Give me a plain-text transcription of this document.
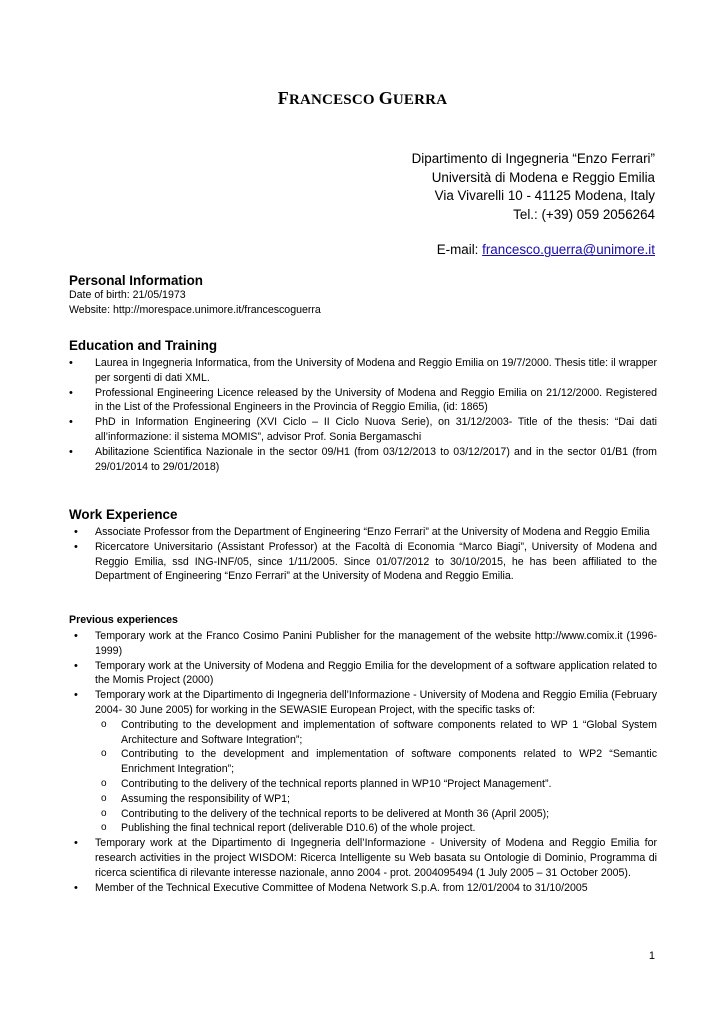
FRANCESCO GUERRA
Dipartimento di Ingegneria “Enzo Ferrari”
Università di Modena e Reggio Emilia
Via Vivarelli 10 - 41125 Modena, Italy
Tel.: (+39) 059 2056264
E-mail: francesco.guerra@unimore.it
Personal Information
Date of birth: 21/05/1973
Website: http://morespace.unimore.it/francescoguerra
Education and Training
• Laurea in Ingegneria Informatica, from the University of Modena and Reggio Emilia on 19/7/2000. Thesis title: il wrapper per sorgenti di dati XML.
• Professional Engineering Licence released by the University of Modena and Reggio Emilia on 21/12/2000. Registered in the List of the Professional Engineers in the Provincia of Reggio Emilia, (id: 1865)
• PhD in Information Engineering (XVI Ciclo – II Ciclo Nuova Serie), on 31/12/2003- Title of the thesis: “Dai dati all’informazione: il sistema MOMIS”, advisor Prof. Sonia Bergamaschi
• Abilitazione Scientifica Nazionale in the sector 09/H1 (from 03/12/2013 to 03/12/2017) and in the sector 01/B1 (from 29/01/2014 to 29/01/2018)
Work Experience
• Associate Professor from the Department of Engineering “Enzo Ferrari” at the University of Modena and Reggio Emilia
• Ricercatore Universitario (Assistant Professor) at the Facoltà di Economia “Marco Biagi”, University of Modena and Reggio Emilia, ssd ING-INF/05, since 1/11/2005. Since 01/07/2012 to 30/10/2015, he has been affiliated to the Department of Engineering “Enzo Ferrari” at the University of Modena and Reggio Emilia.
Previous experiences
• Temporary work at the Franco Cosimo Panini Publisher for the management of the website http://www.comix.it (1996-1999)
• Temporary work at the University of Modena and Reggio Emilia for the development of a software application related to the Momis Project (2000)
• Temporary work at the Dipartimento di Ingegneria dell’Informazione - University of Modena and Reggio Emilia (February 2004- 30 June 2005) for working in the SEWASIE European Project, with the specific tasks of:
o Contributing to the development and implementation of software components related to WP 1 “Global System Architecture and Software Integration”;
o Contributing to the development and implementation of software components related to WP2 “Semantic Enrichment Integration”;
o Contributing to the delivery of the technical reports planned in WP10 “Project Management”.
o Assuming the responsibility of WP1;
o Contributing to the delivery of the technical reports to be delivered at Month 36 (April 2005);
o Publishing the final technical report (deliverable D10.6) of the whole project.
• Temporary work at the Dipartimento di Ingegneria dell’Informazione - University of Modena and Reggio Emilia for research activities in the project WISDOM: Ricerca Intelligente su Web basata su Ontologie di Dominio, Programma di ricerca scientifica di rilevante interesse nazionale, anno 2004 - prot. 2004095494 (1 July 2005 – 31 October 2005).
• Member of the Technical Executive Committee of Modena Network S.p.A. from 12/01/2004 to 31/10/2005
1
